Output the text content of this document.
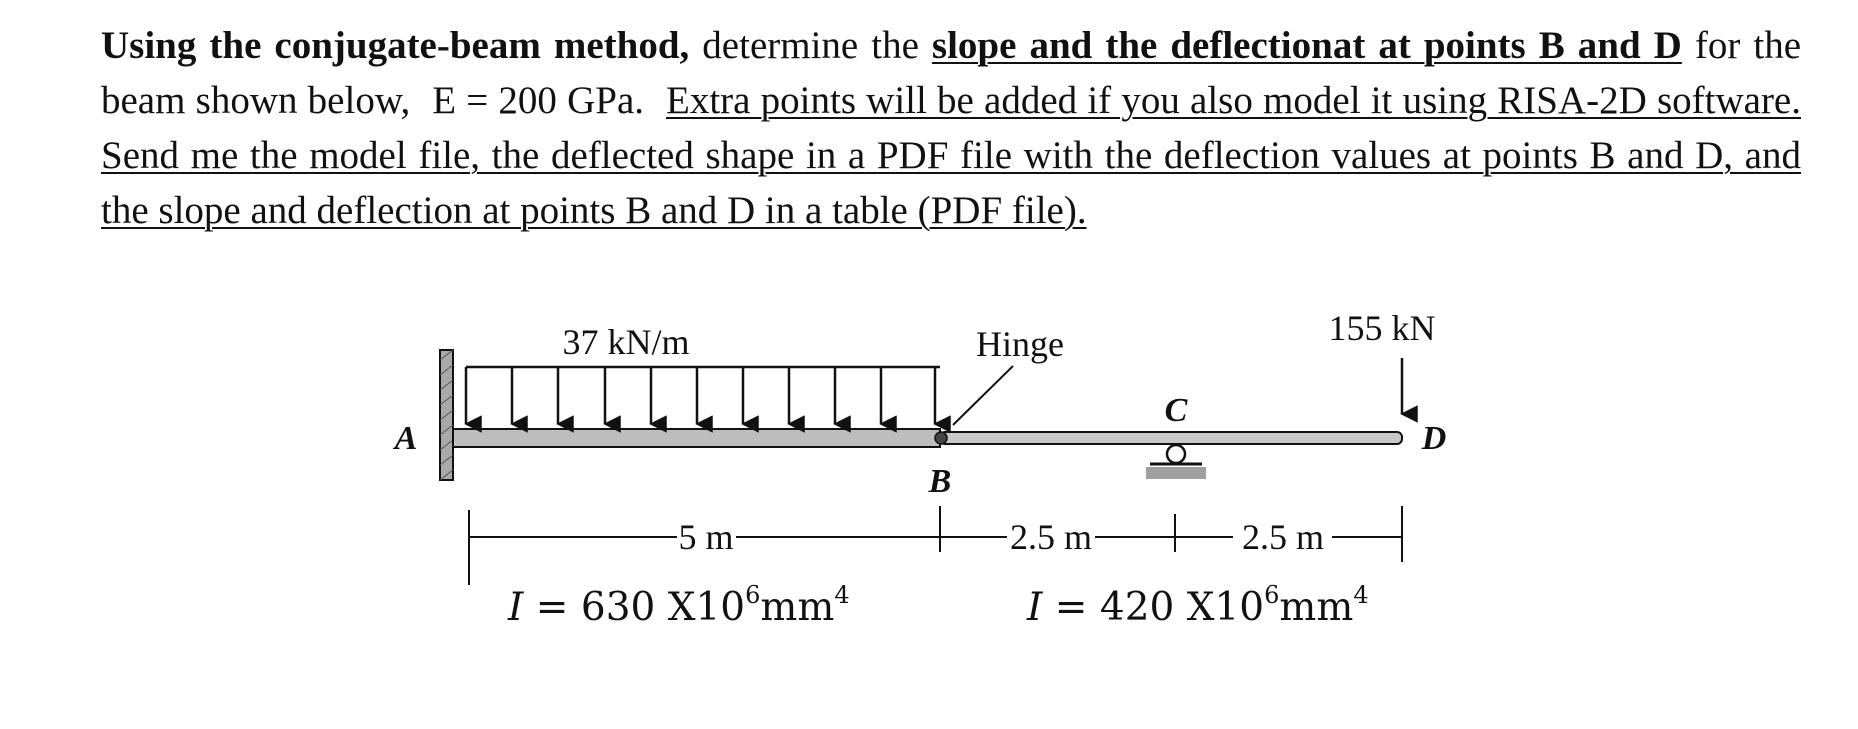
Using the conjugate-beam method, determine the slope and the deflectionat at points B and D for the beam shown below, E = 200 GPa. Extra points will be added if you also model it using RISA-2D software. Send me the model file, the deflected shape in a PDF file with the deflection values at points B and D, and the slope and deflection at points B and D in a table (PDF file).
37 kN/m	Hinge	155 kN
A
B
C
D
5 m	2.5 m	2.5 m
I = 630 $X10^6mm^4$	I = 420 $X10^6mm^4$
